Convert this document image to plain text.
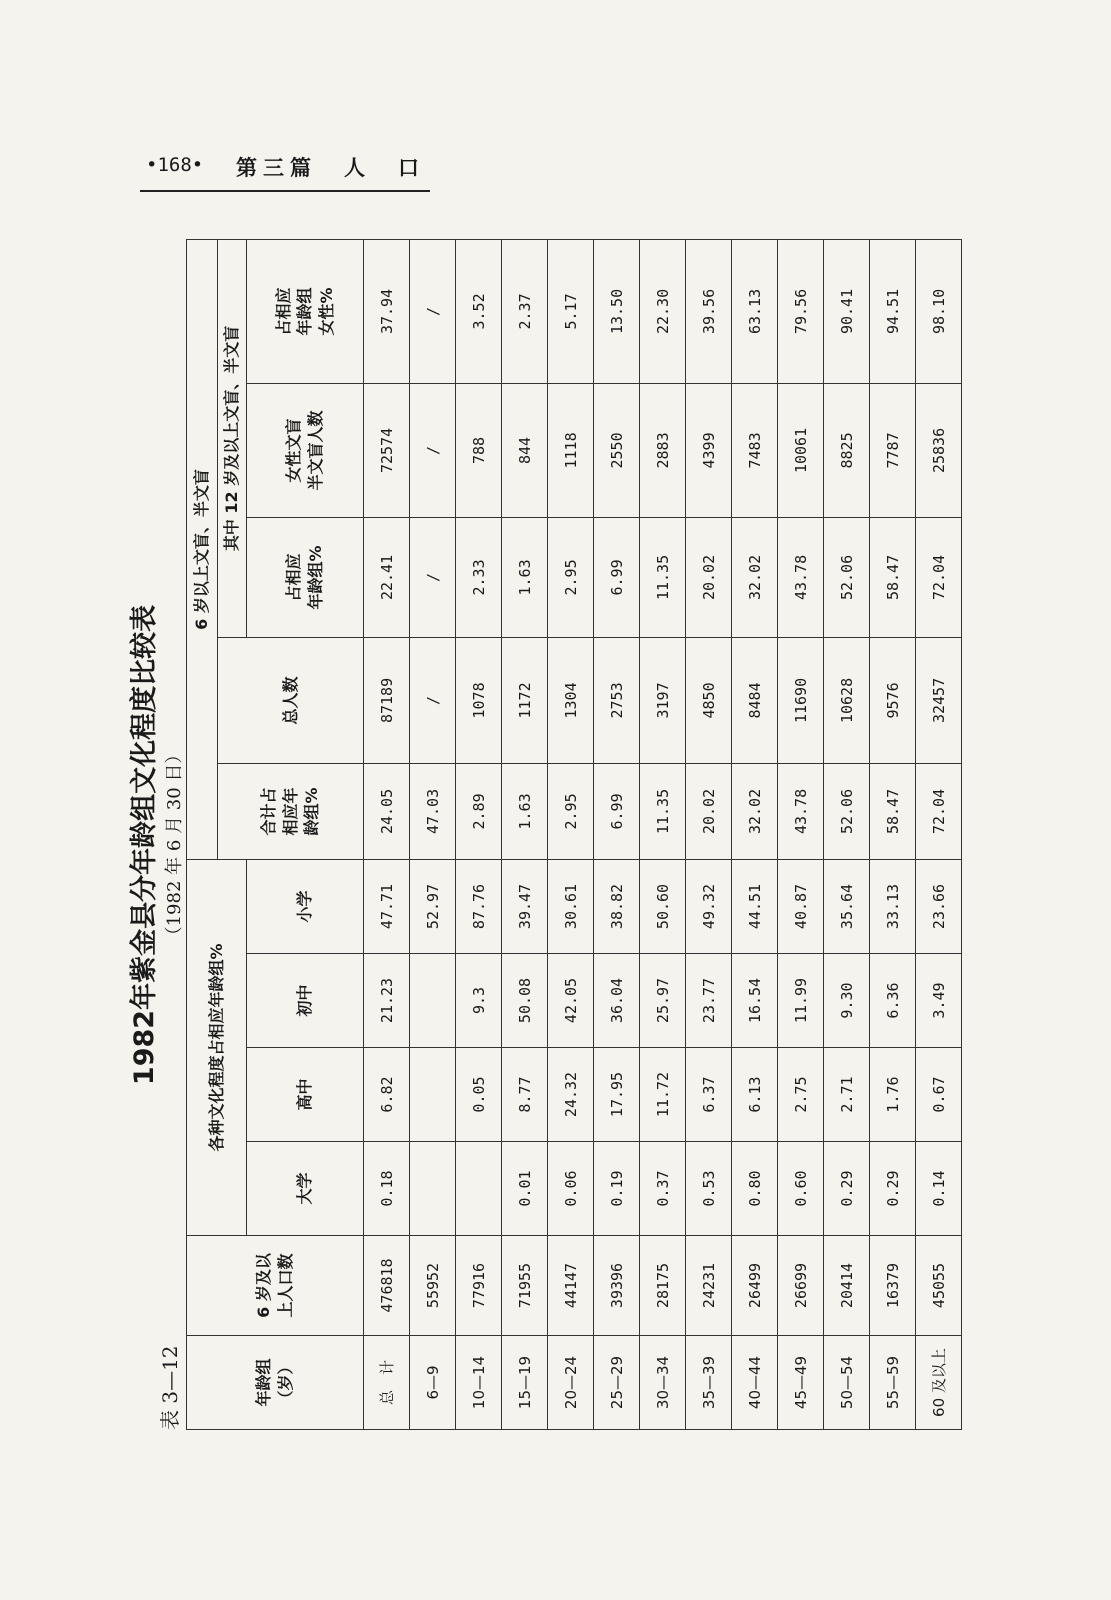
•168• 第三篇　人　口
1982年紫金县分年龄组文化程度比较表 （1982 年 6 月 30 日）
表 3—12	年龄组 （岁）	6 岁及以 上人口数	各种文化程度占相应年龄组%				6 岁以上文盲、半文盲				

						合计占 相应年 龄组%	总人数	其中 12 岁及以上文盲、半文盲		
		大学	高中	初中	小学			占相应 年龄组%	女性文盲 半文盲人数	占相应 年龄组 女性%

总　计	476818	0.18	6.82	21.23	47.71	24.05	87189	22.41	72574	37.94
6—9	55952				52.97	47.03	/	/	/	/
10—14	77916		0.05	9.3	87.76	2.89	1078	2.33	788	3.52
15—19	71955	0.01	8.77	50.08	39.47	1.63	1172	1.63	844	2.37
20—24	44147	0.06	24.32	42.05	30.61	2.95	1304	2.95	1118	5.17
25—29	39396	0.19	17.95	36.04	38.82	6.99	2753	6.99	2550	13.50
30—34	28175	0.37	11.72	25.97	50.60	11.35	3197	11.35	2883	22.30
35—39	24231	0.53	6.37	23.77	49.32	20.02	4850	20.02	4399	39.56
40—44	26499	0.80	6.13	16.54	44.51	32.02	8484	32.02	7483	63.13
45—49	26699	0.60	2.75	11.99	40.87	43.78	11690	43.78	10061	79.56
50—54	20414	0.29	2.71	9.30	35.64	52.06	10628	52.06	8825	90.41
55—59	16379	0.29	1.76	6.36	33.13	58.47	9576	58.47	7787	94.51
60 及以上	45055	0.14	0.67	3.49	23.66	72.04	32457	72.04	25836	98.10
